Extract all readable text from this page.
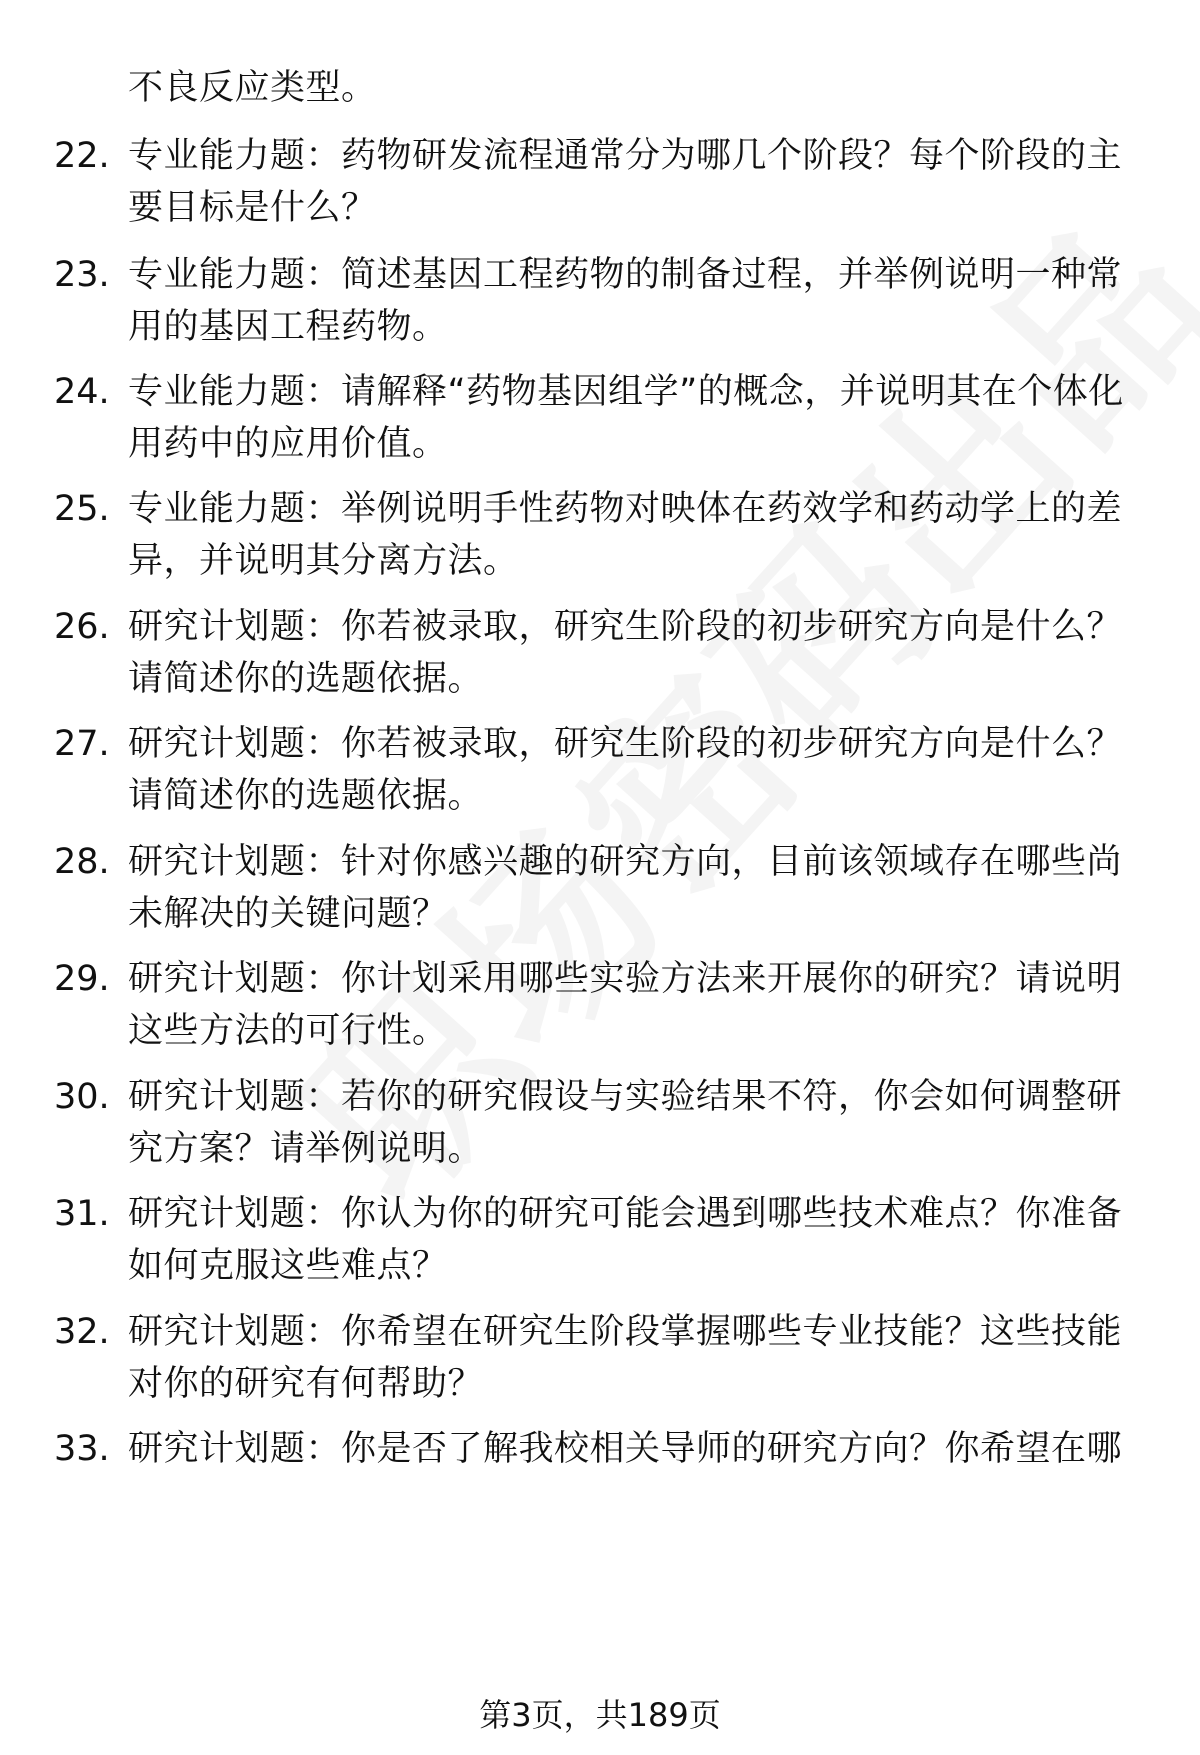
不良反应类型。
22. 专业能力题：药物研发流程通常分为哪几个阶段？每个阶段的主要目标是什么？
23. 专业能力题：简述基因工程药物的制备过程，并举例说明一种常用的基因工程药物。
24. 专业能力题：请解释“药物基因组学”的概念，并说明其在个体化用药中的应用价值。
25. 专业能力题：举例说明手性药物对映体在药效学和药动学上的差异，并说明其分离方法。
26. 研究计划题：你若被录取，研究生阶段的初步研究方向是什么？请简述你的选题依据。
27. 研究计划题：你若被录取，研究生阶段的初步研究方向是什么？请简述你的选题依据。
28. 研究计划题：针对你感兴趣的研究方向，目前该领域存在哪些尚未解决的关键问题？
29. 研究计划题：你计划采用哪些实验方法来开展你的研究？请说明这些方法的可行性。
30. 研究计划题：若你的研究假设与实验结果不符，你会如何调整研究方案？请举例说明。
31. 研究计划题：你认为你的研究可能会遇到哪些技术难点？你准备如何克服这些难点？
32. 研究计划题：你希望在研究生阶段掌握哪些专业技能？这些技能对你的研究有何帮助？
33. 研究计划题：你是否了解我校相关导师的研究方向？你希望在哪
第3页，共189页
